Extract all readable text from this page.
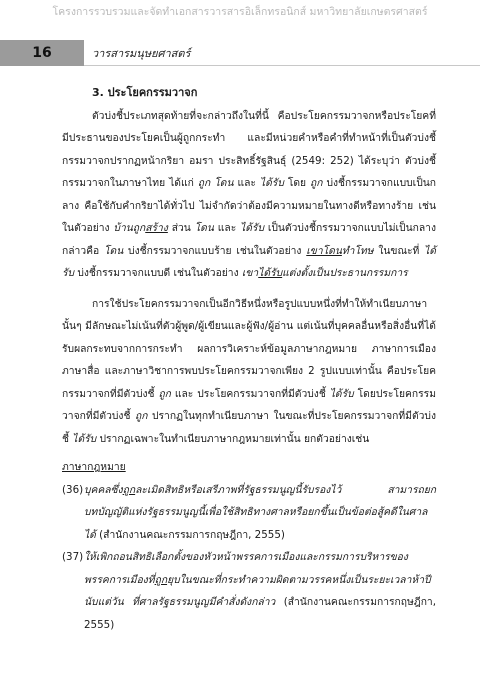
โครงการรวบรวมและจัดทำเอกสารวารสารอิเล็กทรอนิกส์ มหาวิทยาลัยเกษตรศาสตร์
16	วารสารมนุษยศาสตร์
3. ประโยคกรรมวาจก

ตัวบ่งชี้ประเภทสุดท้ายที่จะกล่าวถึงในที่นี้ คือประโยคกรรมวาจกหรือประโยคที่มีประธานของประโยคเป็นผู้ถูกกระทำ และมีหน่วยคำหรือคำที่ทำหน้าที่เป็นตัวบ่งชี้กรรมวาจกปรากฏหน้ากริยา อมรา ประสิทธิ์รัฐสินธุ์ (2549: 252) ได้ระบุว่า ตัวบ่งชี้กรรมวาจกในภาษาไทย ได้แก่ ถูก โดน และ ได้รับ โดย ถูก บ่งชี้กรรมวาจกแบบเป็นกลาง คือใช้กับคำกริยาได้ทั่วไป ไม่จำกัดว่าต้องมีความหมายในทางดีหรือทางร้าย เช่นในตัวอย่าง บ้านถูกสร้าง ส่วน โดน และ ได้รับ เป็นตัวบ่งชี้กรรมวาจกแบบไม่เป็นกลาง กล่าวคือ โดน บ่งชี้กรรมวาจกแบบร้าย เช่นในตัวอย่าง เขาโดนทำโทษ ในขณะที่ ได้รับ บ่งชี้กรรมวาจกแบบดี เช่นในตัวอย่าง เขาได้รับแต่งตั้งเป็นประธานกรรมการ

การใช้ประโยคกรรมวาจกเป็นอีกวิธีหนึ่งหรือรูปแบบหนึ่งที่ทำให้ทำเนียบภาษานั้นๆ มีลักษณะไม่เน้นที่ตัวผู้พูด/ผู้เขียนและผู้ฟัง/ผู้อ่าน แต่เน้นที่บุคคลอื่นหรือสิ่งอื่นที่ได้รับผลกระทบจากการกระทำ ผลการวิเคราะห์ข้อมูลภาษากฎหมาย ภาษาการเมือง ภาษาสื่อ และภาษาวิชาการพบประโยคกรรมวาจกเพียง 2 รูปแบบเท่านั้น คือประโยคกรรมวาจกที่มีตัวบ่งชี้ ถูก และ ประโยคกรรมวาจกที่มีตัวบ่งชี้ ได้รับ โดยประโยคกรรมวาจกที่มีตัวบ่งชี้ ถูก ปรากฏในทุกทำเนียบภาษา ในขณะที่ประโยคกรรมวาจกที่มีตัวบ่งชี้ ได้รับ ปรากฏเฉพาะในทำเนียบภาษากฎหมายเท่านั้น ยกตัวอย่างเช่น

ภาษากฎหมาย
(36) บุคคลซึ่งถูกละเมิดสิทธิหรือเสรีภาพที่รัฐธรรมนูญนี้รับรองไว้ สามารถยกบทบัญญัติแห่งรัฐธรรมนูญนี้เพื่อใช้สิทธิทางศาลหรือยกขึ้นเป็นข้อต่อสู้คดีในศาลได้ (สำนักงานคณะกรรมการกฤษฎีกา, 2555)
(37) ให้เพิกถอนสิทธิเลือกตั้งของหัวหน้าพรรคการเมืองและกรรมการบริหารของพรรคการเมืองที่ถูกยุบในขณะที่กระทำความผิดตามวรรคหนึ่งเป็นระยะเวลาห้าปีนับแต่วัน ที่ศาลรัฐธรรมนูญมีคำสั่งดังกล่าว (สำนักงานคณะกรรมการกฤษฎีกา, 2555)
